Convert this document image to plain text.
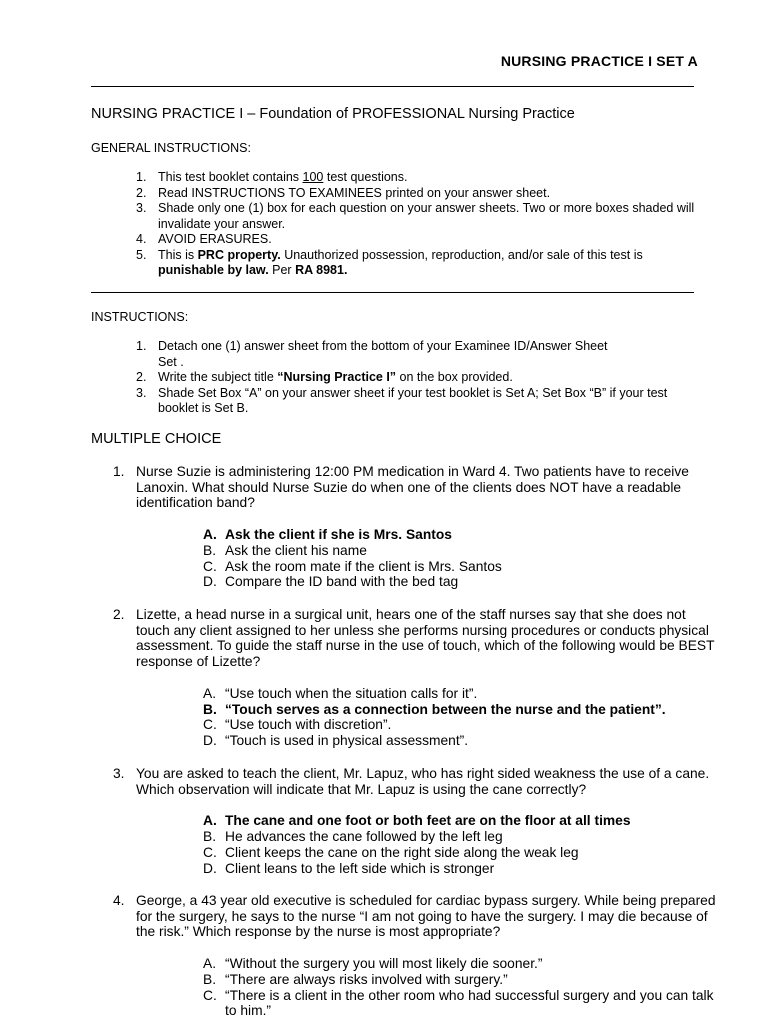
NURSING PRACTICE I SET A
NURSING PRACTICE I – Foundation of PROFESSIONAL Nursing Practice
GENERAL INSTRUCTIONS:
1. This test booklet contains 100 test questions.
2. Read INSTRUCTIONS TO EXAMINEES printed on your answer sheet.
3. Shade only one (1) box for each question on your answer sheets. Two or more boxes shaded will invalidate your answer.
4. AVOID ERASURES.
5. This is PRC property. Unauthorized possession, reproduction, and/or sale of this test is punishable by law. Per RA 8981.
INSTRUCTIONS:
1. Detach one (1) answer sheet from the bottom of your Examinee ID/Answer Sheet
Set .
2. Write the subject title “Nursing Practice I” on the box provided.
3. Shade Set Box “A” on your answer sheet if your test booklet is Set A; Set Box “B” if your test booklet is Set B.
MULTIPLE CHOICE
1. Nurse Suzie is administering 12:00 PM medication in Ward 4. Two patients have to receive Lanoxin. What should Nurse Suzie do when one of the clients does NOT have a readable identification band?
A. Ask the client if she is Mrs. Santos
B. Ask the client his name
C. Ask the room mate if the client is Mrs. Santos
D. Compare the ID band with the bed tag
2. Lizette, a head nurse in a surgical unit, hears one of the staff nurses say that she does not touch any client assigned to her unless she performs nursing procedures or conducts physical assessment. To guide the staff nurse in the use of touch, which of the following would be BEST response of Lizette?
A. “Use touch when the situation calls for it”.
B. “Touch serves as a connection between the nurse and the patient”.
C. “Use touch with discretion”.
D. “Touch is used in physical assessment”.
3. You are asked to teach the client, Mr. Lapuz, who has right sided weakness the use of a cane. Which observation will indicate that Mr. Lapuz is using the cane correctly?
A. The cane and one foot or both feet are on the floor at all times
B. He advances the cane followed by the left leg
C. Client keeps the cane on the right side along the weak leg
D. Client leans to the left side which is stronger
4. George, a 43 year old executive is scheduled for cardiac bypass surgery. While being prepared for the surgery, he says to the nurse “I am not going to have the surgery. I may die because of the risk.” Which response by the nurse is most appropriate?
A. “Without the surgery you will most likely die sooner.”
B. “There are always risks involved with surgery.”
C. “There is a client in the other room who had successful surgery and you can talk to him.”
